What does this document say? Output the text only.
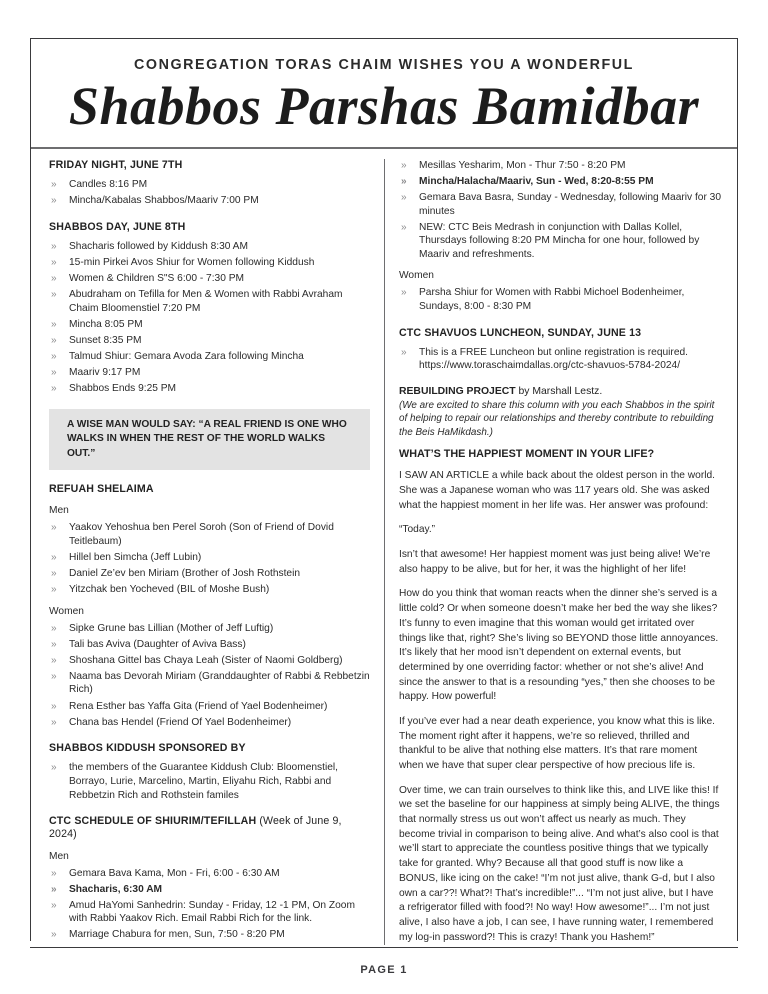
CONGREGATION TORAS CHAIM WISHES YOU A WONDERFUL
Shabbos Parshas Bamidbar
FRIDAY NIGHT, JUNE 7TH
» Candles 8:16 PM
» Mincha/Kabalas Shabbos/Maariv 7:00 PM
SHABBOS DAY, JUNE 8TH
» Shacharis followed by Kiddush 8:30 AM
» 15-min Pirkei Avos Shiur for Women following Kiddush
» Women & Children S"S 6:00 - 7:30 PM
» Abudraham on Tefilla for Men & Women with Rabbi Avraham Chaim Bloomenstiel 7:20 PM
» Mincha 8:05 PM
» Sunset 8:35 PM
» Talmud Shiur: Gemara Avoda Zara following Mincha
» Maariv 9:17 PM
» Shabbos Ends 9:25 PM
A WISE MAN WOULD SAY: “A REAL FRIEND IS ONE WHO WALKS IN WHEN THE REST OF THE WORLD WALKS OUT.”
REFUAH SHELAIMA
Men
» Yaakov Yehoshua ben Perel Soroh (Son of Friend of Dovid Teitlebaum)
» Hillel ben Simcha (Jeff Lubin)
» Daniel Ze’ev ben Miriam (Brother of Josh Rothstein
» Yitzchak ben Yocheved (BIL of Moshe Bush)
Women
» Sipke Grune bas Lillian (Mother of Jeff Luftig)
» Tali bas Aviva (Daughter of Aviva Bass)
» Shoshana Gittel bas Chaya Leah (Sister of Naomi Goldberg)
» Naama bas Devorah Miriam (Granddaughter of Rabbi & Rebbetzin Rich)
» Rena Esther bas Yaffa Gita (Friend of Yael Bodenheimer)
» Chana bas Hendel (Friend Of Yael Bodenheimer)
SHABBOS KIDDUSH SPONSORED BY
» the members of the Guarantee Kiddush Club: Bloomenstiel, Borrayo, Lurie, Marcelino, Martin, Eliyahu Rich, Rabbi and Rebbetzin Rich and Rothstein familes
CTC SCHEDULE OF SHIURIM/TEFILLAH (Week of June 9, 2024)
Men
» Gemara Bava Kama, Mon - Fri, 6:00 - 6:30 AM
» Shacharis, 6:30 AM
» Amud HaYomi Sanhedrin: Sunday - Friday, 12 -1 PM, On Zoom with Rabbi Yaakov Rich. Email Rabbi Rich for the link.
» Marriage Chabura for men, Sun, 7:50 - 8:20 PM
» Mesillas Yesharim, Mon - Thur 7:50 - 8:20 PM
» Mincha/Halacha/Maariv, Sun - Wed, 8:20-8:55 PM
» Gemara Bava Basra, Sunday - Wednesday, following Maariv for 30 minutes
» NEW: CTC Beis Medrash in conjunction with Dallas Kollel, Thursdays following 8:20 PM Mincha for one hour, followed by Maariv and refreshments.
Women
» Parsha Shiur for Women with Rabbi Michoel Bodenheimer, Sundays, 8:00 - 8:30 PM
CTC SHAVUOS LUNCHEON, SUNDAY, JUNE 13
» This is a FREE Luncheon but online registration is required. https://www.toraschaimdallas.org/ctc-shavuos-5784-2024/
REBUILDING PROJECT by Marshall Lestz.
(We are excited to share this column with you each Shabbos in the spirit of helping to repair our relationships and thereby contribute to rebuilding the Beis HaMikdash.)
WHAT’S THE HAPPIEST MOMENT IN YOUR LIFE?

I SAW AN ARTICLE a while back about the oldest person in the world. She was a Japanese woman who was 117 years old. She was asked what the happiest moment in her life was. Her answer was profound:

“Today.”

Isn’t that awesome! Her happiest moment was just being alive! We’re also happy to be alive, but for her, it was the highlight of her life!

How do you think that woman reacts when the dinner she’s served is a little cold? Or when someone doesn’t make her bed the way she likes? It’s funny to even imagine that this woman would get irritated over things like that, right? She’s living so BEYOND those little annoyances. It’s likely that her mood isn’t dependent on external events, but determined by one overriding factor: whether or not she’s alive! And since the answer to that is a resounding “yes,” then she chooses to be happy. How powerful!

If you’ve ever had a near death experience, you know what this is like. The moment right after it happens, we’re so relieved, thrilled and thankful to be alive that nothing else matters. It’s that rare moment when we have that super clear perspective of how precious life is.

Over time, we can train ourselves to think like this, and LIVE like this! If we set the baseline for our happiness at simply being ALIVE, the things that normally stress us out won’t affect us nearly as much. They become trivial in comparison to being alive. And what’s also cool is that we’ll start to appreciate the countless positive things that we typically take for granted. Why? Because all that good stuff is now like a BONUS, like icing on the cake! “I’m not just alive, thank G-d, but I also own a car??! What?! That’s incredible!”... “I’m not just alive, but I have a refrigerator filled with food?! No way! How awesome!”... I’m not just alive, I also have a job, I can see, I have running water, I remembered my log-in password?! This is crazy! Thank you Hashem!”

PAGE 1
